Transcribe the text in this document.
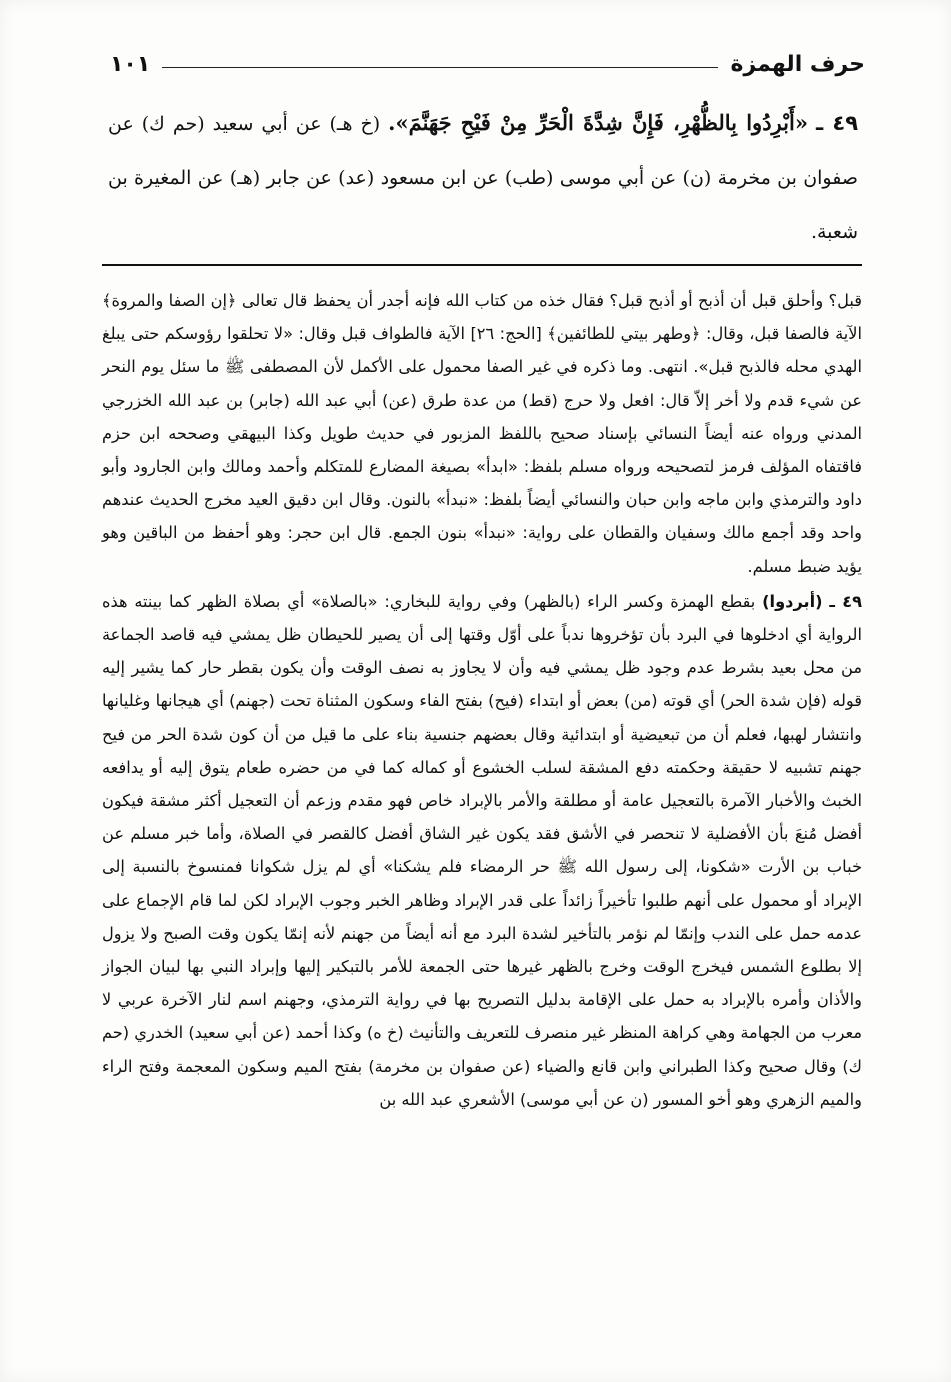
حرف الهمزة
١٠١

٤٩ ـ «أَبْرِدُوا بِالظُّهْرِ، فَإِنَّ شِدَّةَ الْحَرِّ مِنْ فَيْحِ جَهَنَّمَ». (خ هـ) عن أبي سعيد (حم ك) عن صفوان بن مخرمة (ن) عن أبي موسى (طب) عن ابن مسعود (عد) عن جابر (هـ) عن المغيرة بن شعبة.

قبل؟ وأحلق قبل أن أذبح أو أذبح قبل؟ فقال خذه من كتاب الله فإنه أجدر أن يحفظ قال تعالى ﴿إن الصفا والمروة﴾ الآية فالصفا قبل، وقال: ﴿وطهر بيتي للطائفين﴾ [الحج: ٢٦] الآية فالطواف قبل وقال: «لا تحلقوا رؤوسكم حتى يبلغ الهدي محله فالذبح قبل». انتهى. وما ذكره في غير الصفا محمول على الأكمل لأن المصطفى ﷺ ما سئل يوم النحر عن شيء قدم ولا أخر إلاّ قال: افعل ولا حرج (قط) من عدة طرق (عن) أبي عبد الله (جابر) بن عبد الله الخزرجي المدني ورواه عنه أيضاً النسائي بإسناد صحيح باللفظ المزبور في حديث طويل وكذا البيهقي وصححه ابن حزم فاقتفاه المؤلف فرمز لتصحيحه ورواه مسلم بلفظ: «ابدأ» بصيغة المضارع للمتكلم وأحمد ومالك وابن الجارود وأبو داود والترمذي وابن ماجه وابن حبان والنسائي أيضاً بلفظ: «نبدأ» بالنون. وقال ابن دقيق العيد مخرج الحديث عندهم واحد وقد أجمع مالك وسفيان والقطان على رواية: «نبدأ» بنون الجمع. قال ابن حجر: وهو أحفظ من الباقين وهو يؤيد ضبط مسلم.

٤٩ ـ (أبردوا) بقطع الهمزة وكسر الراء (بالظهر) وفي رواية للبخاري: «بالصلاة» أي بصلاة الظهر كما بينته هذه الرواية أي ادخلوها في البرد بأن تؤخروها ندباً على أوّل وقتها إلى أن يصير للحيطان ظل يمشي فيه قاصد الجماعة من محل بعيد بشرط عدم وجود ظل يمشي فيه وأن لا يجاوز به نصف الوقت وأن يكون بقطر حار كما يشير إليه قوله (فإن شدة الحر) أي قوته (من) بعض أو ابتداء (فيح) بفتح الفاء وسكون المثناة تحت (جهنم) أي هيجانها وغليانها وانتشار لهبها، فعلم أن من تبعيضية أو ابتدائية وقال بعضهم جنسية بناء على ما قيل من أن كون شدة الحر من فيح جهنم تشبيه لا حقيقة وحكمته دفع المشقة لسلب الخشوع أو كماله كما في من حضره طعام يتوق إليه أو يدافعه الخبث والأخبار الآمرة بالتعجيل عامة أو مطلقة والأمر بالإبراد خاص فهو مقدم وزعم أن التعجيل أكثر مشقة فيكون أفضل مُنعَ بأن الأفضلية لا تنحصر في الأشق فقد يكون غير الشاق أفضل كالقصر في الصلاة، وأما خبر مسلم عن خباب بن الأرت «شكونا، إلى رسول الله ﷺ حر الرمضاء فلم يشكنا» أي لم يزل شكوانا فمنسوخ بالنسبة إلى الإبراد أو محمول على أنهم طلبوا تأخيراً زائداً على قدر الإبراد وظاهر الخبر وجوب الإبراد لكن لما قام الإجماع على عدمه حمل على الندب وإنمّا لم نؤمر بالتأخير لشدة البرد مع أنه أيضاً من جهنم لأنه إنمّا يكون وقت الصبح ولا يزول إلا بطلوع الشمس فيخرج الوقت وخرج بالظهر غيرها حتى الجمعة للأمر بالتبكير إليها وإبراد النبي بها لبيان الجواز والأذان وأمره بالإبراد به حمل على الإقامة بدليل التصريح بها في رواية الترمذي، وجهنم اسم لنار الآخرة عربي لا معرب من الجهامة وهي كراهة المنظر غير منصرف للتعريف والتأنيث (خ ه) وكذا أحمد (عن أبي سعيد) الخدري (حم ك) وقال صحيح وكذا الطبراني وابن قانع والضياء (عن صفوان بن مخرمة) بفتح الميم وسكون المعجمة وفتح الراء والميم الزهري وهو أخو المسور (ن عن أبي موسى) الأشعري عبد الله بن
